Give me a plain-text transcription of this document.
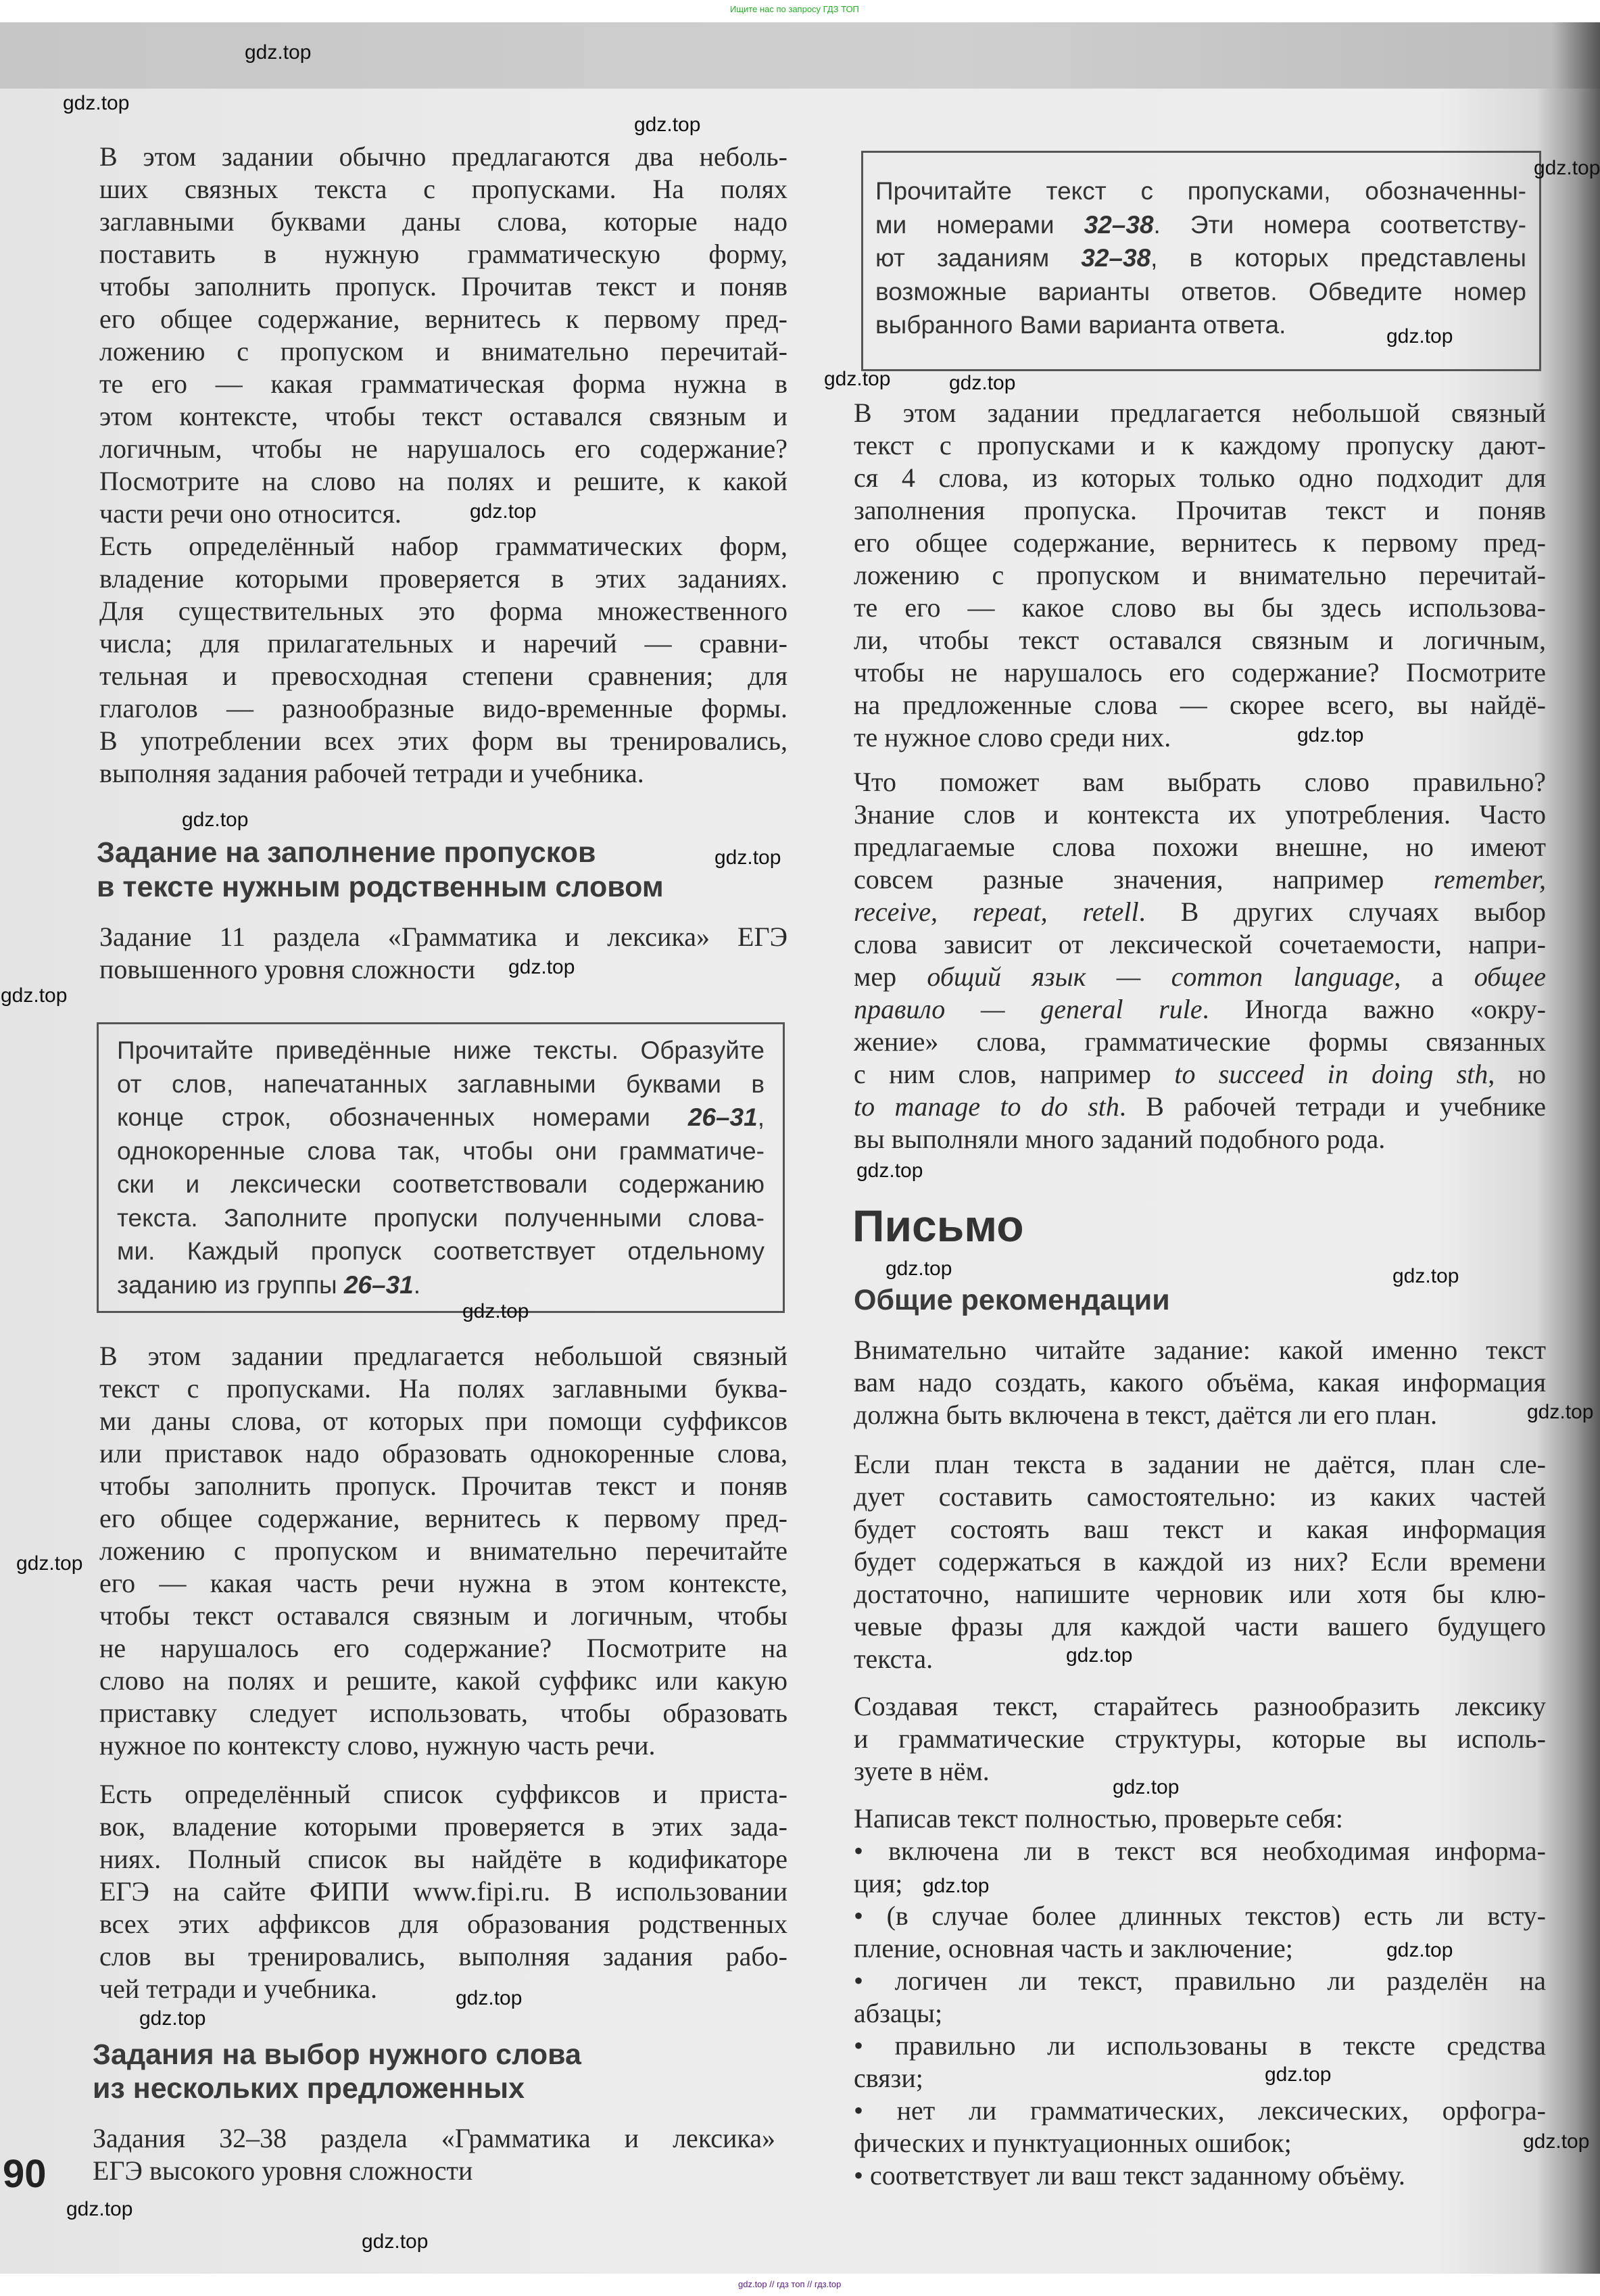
Ищите нас по запросу ГДЗ ТОП
В этом задании обычно предлагаются два неболь-
ших связных текста с пропусками. На полях
заглавными буквами даны слова, которые надо
поставить в нужную грамматическую форму,
чтобы заполнить пропуск. Прочитав текст и поняв
его общее содержание, вернитесь к первому пред-
ложению с пропуском и внимательно перечитай-
те его — какая грамматическая форма нужна в
этом контексте, чтобы текст оставался связным и
логичным, чтобы не нарушалось его содержание?
Посмотрите на слово на полях и решите, к какой
части речи оно относится.
Есть определённый набор грамматических форм,
владение которыми проверяется в этих заданиях.
Для существительных это форма множественного
числа; для прилагательных и наречий — сравни-
тельная и превосходная степени сравнения; для
глаголов — разнообразные видо-временные формы.
В употреблении всех этих форм вы тренировались,
выполняя задания рабочей тетради и учебника.
Задание на заполнение пропусков
в тексте нужным родственным словом
Задание 11 раздела «Грамматика и лексика» ЕГЭ
повышенного уровня сложности
Прочитайте приведённые ниже тексты. Образуйте
от слов, напечатанных заглавными буквами в
конце строк, обозначенных номерами 26–31,
однокоренные слова так, чтобы они грамматиче-
ски и лексически соответствовали содержанию
текста. Заполните пропуски полученными слова-
ми. Каждый пропуск соответствует отдельному
заданию из группы 26–31.
В этом задании предлагается небольшой связный
текст с пропусками. На полях заглавными буква-
ми даны слова, от которых при помощи суффиксов
или приставок надо образовать однокоренные слова,
чтобы заполнить пропуск. Прочитав текст и поняв
его общее содержание, вернитесь к первому пред-
ложению с пропуском и внимательно перечитайте
его — какая часть речи нужна в этом контексте,
чтобы текст оставался связным и логичным, чтобы
не нарушалось его содержание? Посмотрите на
слово на полях и решите, какой суффикс или какую
приставку следует использовать, чтобы образовать
нужное по контексту слово, нужную часть речи.
Есть определённый список суффиксов и приста-
вок, владение которыми проверяется в этих зада-
ниях. Полный список вы найдёте в кодификаторе
ЕГЭ на сайте ФИПИ www.fipi.ru. В использовании
всех этих аффиксов для образования родственных
слов вы тренировались, выполняя задания рабо-
чей тетради и учебника.
Задания на выбор нужного слова
из нескольких предложенных
Задания 32–38 раздела «Грамматика и лексика»
ЕГЭ высокого уровня сложности
90
Прочитайте текст с пропусками, обозначенны-
ми номерами 32–38. Эти номера соответству-
ют заданиям 32–38, в которых представлены
возможные варианты ответов. Обведите номер
выбранного Вами варианта ответа.
В этом задании предлагается небольшой связный
текст с пропусками и к каждому пропуску дают-
ся 4 слова, из которых только одно подходит для
заполнения пропуска. Прочитав текст и поняв
его общее содержание, вернитесь к первому пред-
ложению с пропуском и внимательно перечитай-
те его — какое слово вы бы здесь использова-
ли, чтобы текст оставался связным и логичным,
чтобы не нарушалось его содержание? Посмотрите
на предложенные слова — скорее всего, вы найдё-
те нужное слово среди них.
Что поможет вам выбрать слово правильно?
Знание слов и контекста их употребления. Часто
предлагаемые слова похожи внешне, но имеют
совсем разные значения, например remember,
receive, repeat, retell. В других случаях выбор
слова зависит от лексической сочетаемости, напри-
мер общий язык — common language, а общее
правило — general rule. Иногда важно «окру-
жение» слова, грамматические формы связанных
с ним слов, например to succeed in doing sth, но
to manage to do sth. В рабочей тетради и учебнике
вы выполняли много заданий подобного рода.
Письмо
Общие рекомендации
Внимательно читайте задание: какой именно текст
вам надо создать, какого объёма, какая информация
должна быть включена в текст, даётся ли его план.
Если план текста в задании не даётся, план сле-
дует составить самостоятельно: из каких частей
будет состоять ваш текст и какая информация
будет содержаться в каждой из них? Если времени
достаточно, напишите черновик или хотя бы клю-
чевые фразы для каждой части вашего будущего
текста.
Создавая текст, старайтесь разнообразить лексику
и грамматические структуры, которые вы исполь-
зуете в нём.
Написав текст полностью, проверьте себя:
• включена ли в текст вся необходимая информа-
ция;
• (в случае более длинных текстов) есть ли всту-
пление, основная часть и заключение;
• логичен ли текст, правильно ли разделён на
абзацы;
• правильно ли использованы в тексте средства
связи;
• нет ли грамматических, лексических, орфогра-
фических и пунктуационных ошибок;
• соответствует ли ваш текст заданному объёму.
gdz.top // гдз топ // гдз.top
gdz.top
gdz.top
gdz.top
gdz.top
gdz.top
gdz.top
gdz.top
gdz.top
gdz.top
gdz.top
gdz.top
gdz.top
gdz.top
gdz.top
gdz.top
gdz.top
gdz.top
gdz.top
gdz.top
gdz.top
gdz.top
gdz.top
gdz.top
gdz.top
gdz.top
gdz.top
gdz.top
gdz.top
gdz.top
